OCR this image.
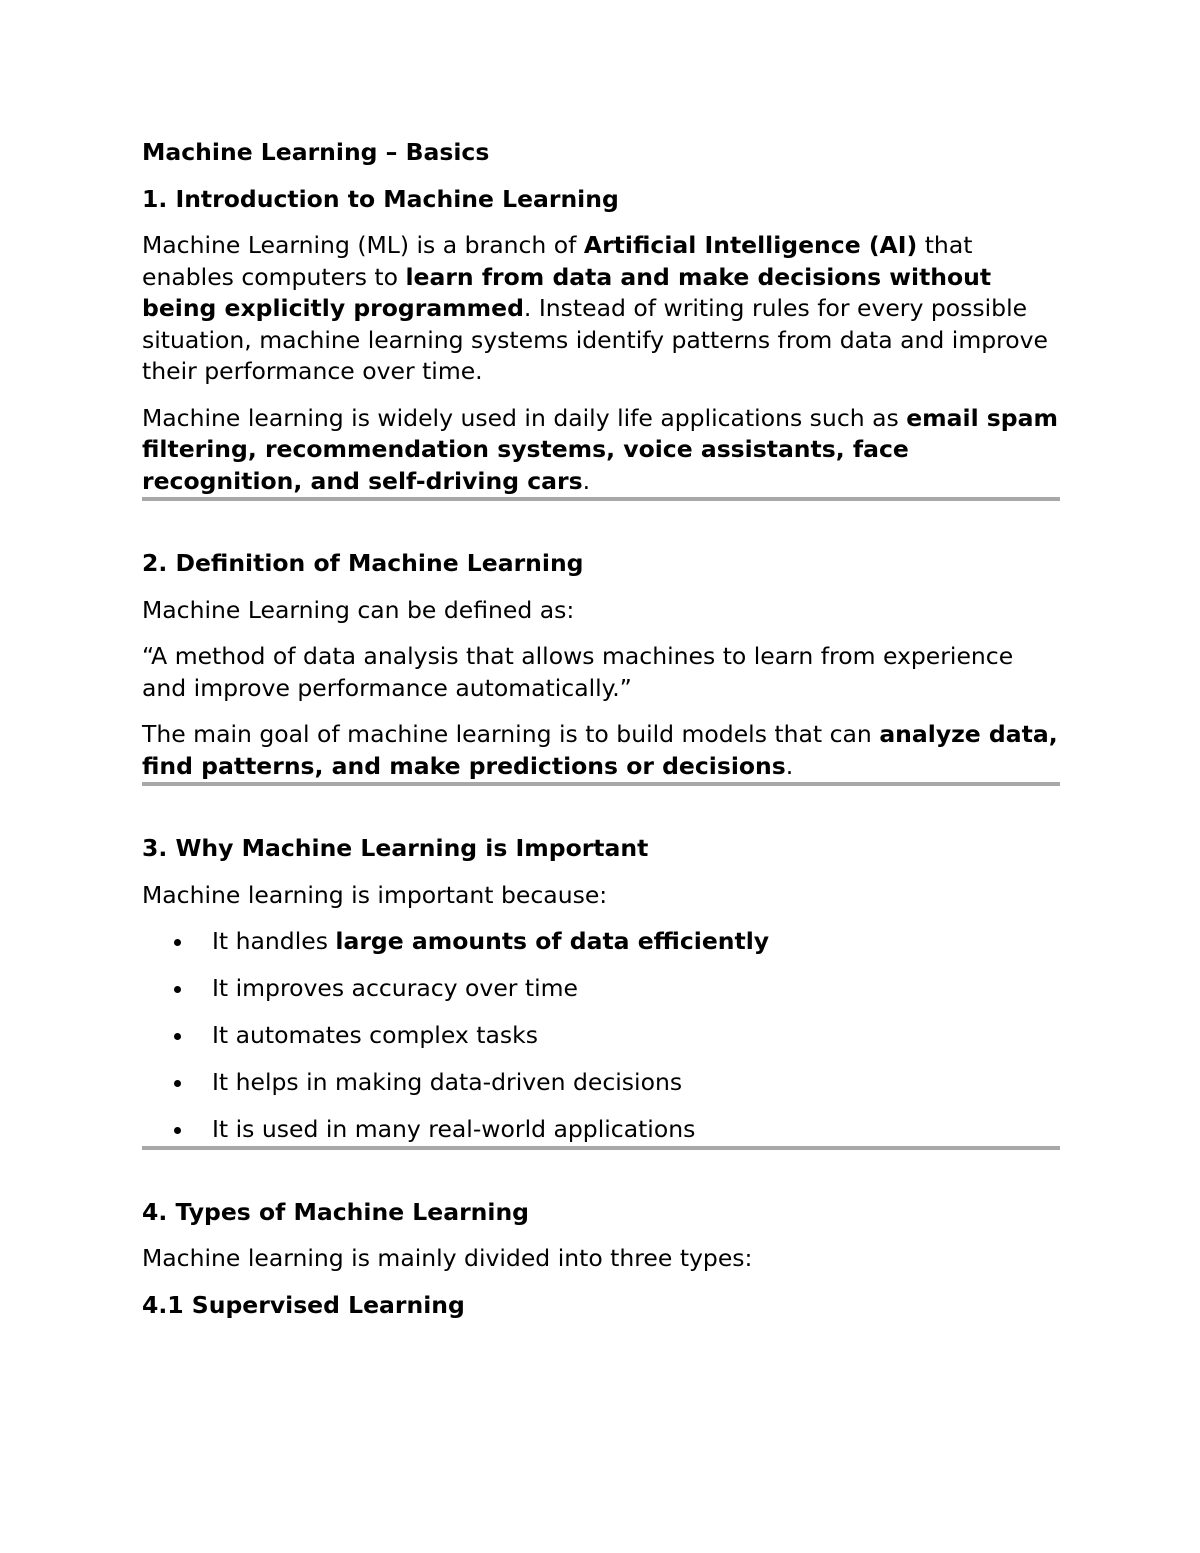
Machine Learning – Basics
1. Introduction to Machine Learning

Machine Learning (ML) is a branch of Artificial Intelligence (AI) that enables computers to learn from data and make decisions without being explicitly programmed. Instead of writing rules for every possible situation, machine learning systems identify patterns from data and improve their performance over time.

Machine learning is widely used in daily life applications such as email spam filtering, recommendation systems, voice assistants, face recognition, and self-driving cars.

2. Definition of Machine Learning

Machine Learning can be defined as:

“A method of data analysis that allows machines to learn from experience and improve performance automatically.”

The main goal of machine learning is to build models that can analyze data, find patterns, and make predictions or decisions.

3. Why Machine Learning is Important

Machine learning is important because:

It handles large amounts of data efficiently
It improves accuracy over time
It automates complex tasks
It helps in making data-driven decisions
It is used in many real-world applications
4. Types of Machine Learning

Machine learning is mainly divided into three types:

4.1 Supervised Learning
